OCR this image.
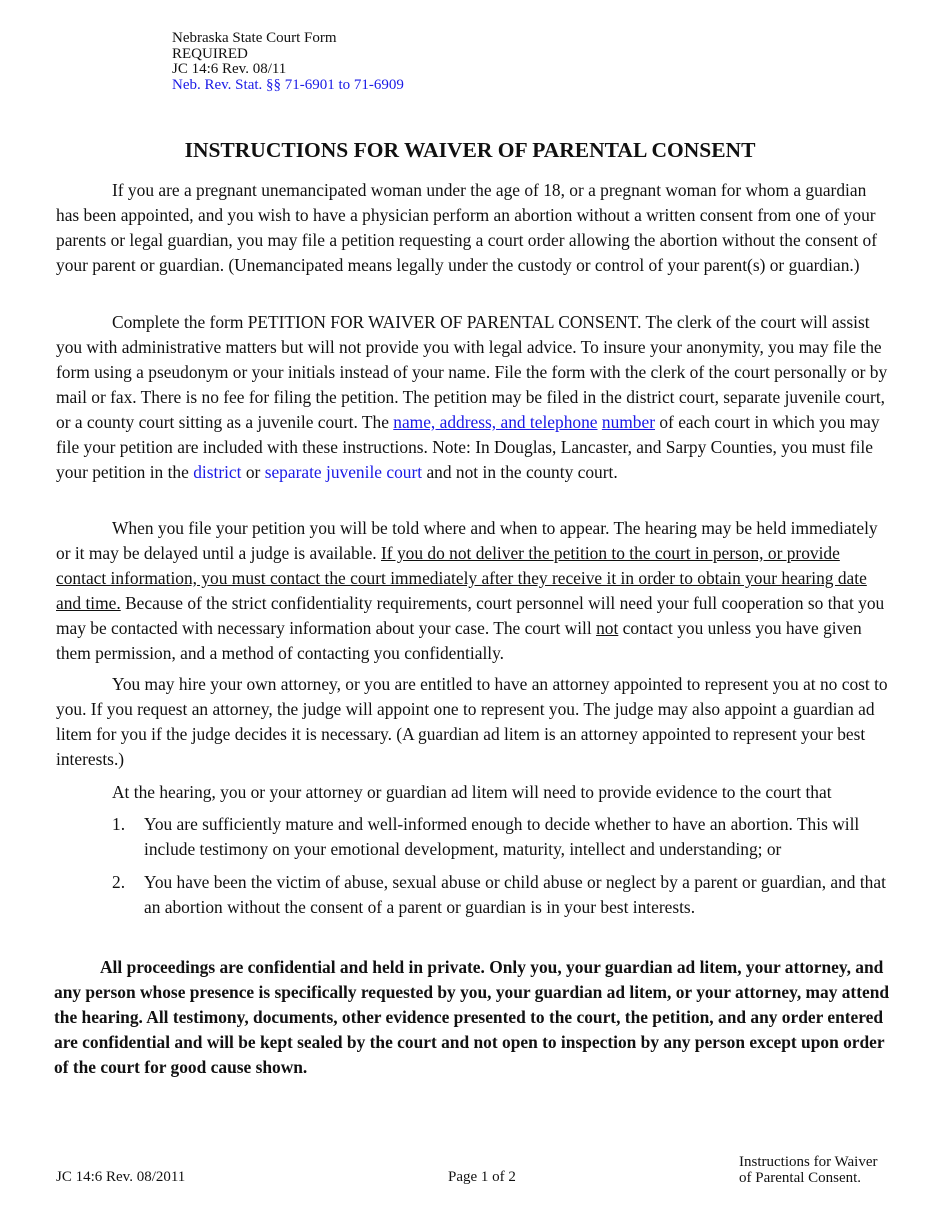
Nebraska State Court Form
REQUIRED
JC 14:6 Rev. 08/11
Neb. Rev. Stat. §§ 71-6901 to 71-6909
INSTRUCTIONS FOR WAIVER OF PARENTAL CONSENT

If you are a pregnant unemancipated woman under the age of 18, or a pregnant woman for whom a guardian has been appointed, and you wish to have a physician perform an abortion without a written consent from one of your parents or legal guardian, you may file a petition requesting a court order allowing the abortion without the consent of your parent or guardian. (Unemancipated means legally under the custody or control of your parent(s) or guardian.)

Complete the form PETITION FOR WAIVER OF PARENTAL CONSENT. The clerk of the court will assist you with administrative matters but will not provide you with legal advice. To insure your anonymity, you may file the form using a pseudonym or your initials instead of your name. File the form with the clerk of the court personally or by mail or fax. There is no fee for filing the petition. The petition may be filed in the district court, separate juvenile court, or a county court sitting as a juvenile court. The name, address, and telephone number of each court in which you may file your petition are included with these instructions. Note: In Douglas, Lancaster, and Sarpy Counties, you must file your petition in the district or separate juvenile court and not in the county court.

When you file your petition you will be told where and when to appear. The hearing may be held immediately or it may be delayed until a judge is available. If you do not deliver the petition to the court in person, or provide contact information, you must contact the court immediately after they receive it in order to obtain your hearing date and time. Because of the strict confidentiality requirements, court personnel will need your full cooperation so that you may be contacted with necessary information about your case. The court will not contact you unless you have given them permission, and a method of contacting you confidentially.

You may hire your own attorney, or you are entitled to have an attorney appointed to represent you at no cost to you. If you request an attorney, the judge will appoint one to represent you. The judge may also appoint a guardian ad litem for you if the judge decides it is necessary. (A guardian ad litem is an attorney appointed to represent your best interests.)

At the hearing, you or your attorney or guardian ad litem will need to provide evidence to the court that

1. You are sufficiently mature and well-informed enough to decide whether to have an abortion. This will include testimony on your emotional development, maturity, intellect and understanding; or
2. You have been the victim of abuse, sexual abuse or child abuse or neglect by a parent or guardian, and that an abortion without the consent of a parent or guardian is in your best interests.

All proceedings are confidential and held in private. Only you, your guardian ad litem, your attorney, and any person whose presence is specifically requested by you, your guardian ad litem, or your attorney, may attend the hearing. All testimony, documents, other evidence presented to the court, the petition, and any order entered are confidential and will be kept sealed by the court and not open to inspection by any person except upon order of the court for good cause shown.

JC 14:6 Rev. 08/2011	Page 1 of 2
Instructions for Waiver
of Parental Consent.
